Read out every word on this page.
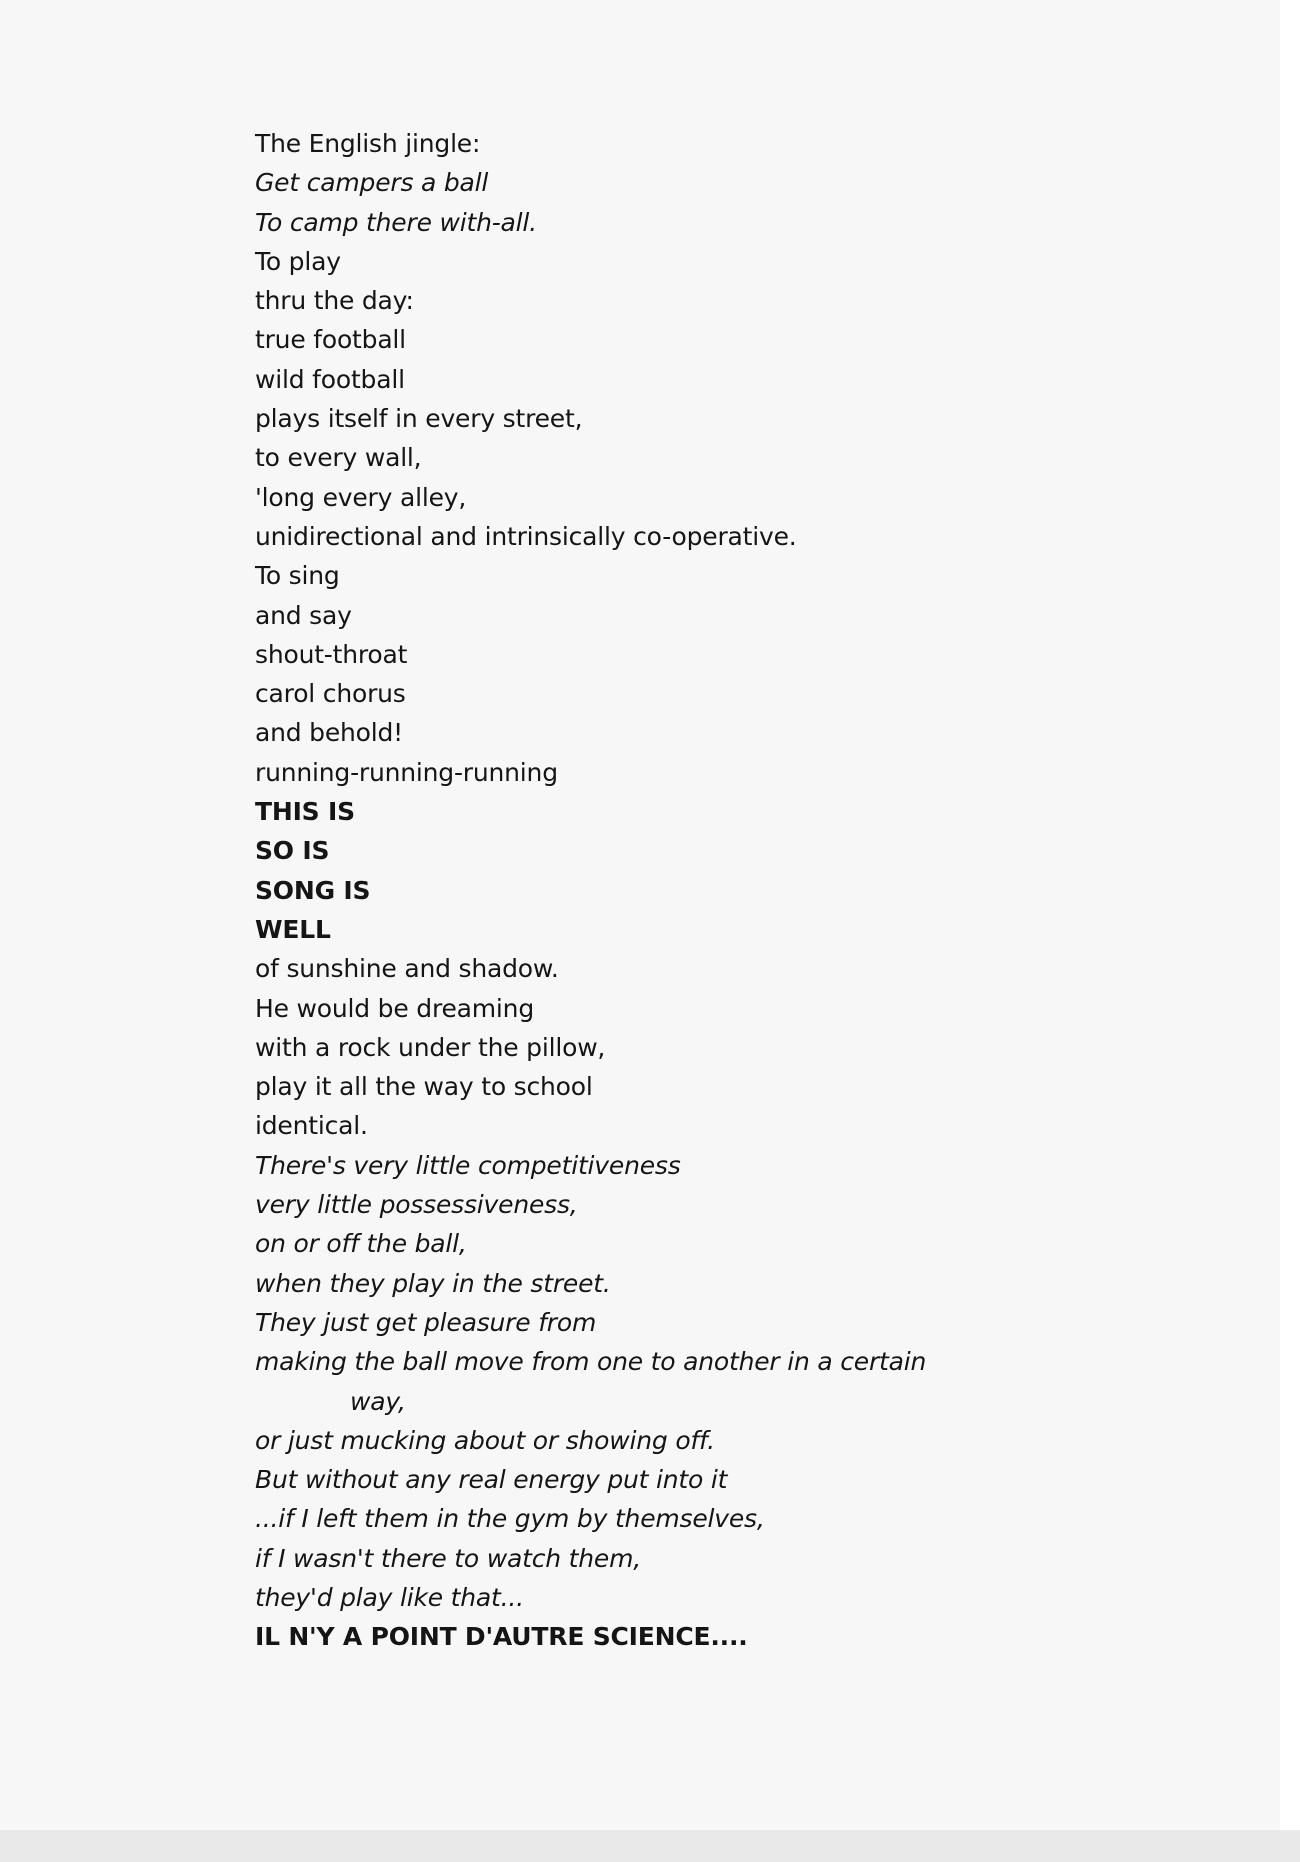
The English jingle:
Get campers a ball
To camp there with-all.
To play
thru the day:
true football
wild football
plays itself in every street,
to every wall,
'long every alley,
unidirectional and intrinsically co-operative.
To sing
and say
shout-throat
carol chorus
and behold!
running-running-running
THIS IS
SO IS
SONG IS
WELL
of sunshine and shadow.
He would be dreaming
with a rock under the pillow,
play it all the way to school
identical.
There's very little competitiveness
very little possessiveness,
on or off the ball,
when they play in the street.
They just get pleasure from
making the ball move from one to another in a certain
way,
or just mucking about or showing off.
But without any real energy put into it
...if I left them in the gym by themselves,
if I wasn't there to watch them,
they'd play like that...
IL N'Y A POINT D'AUTRE SCIENCE....
